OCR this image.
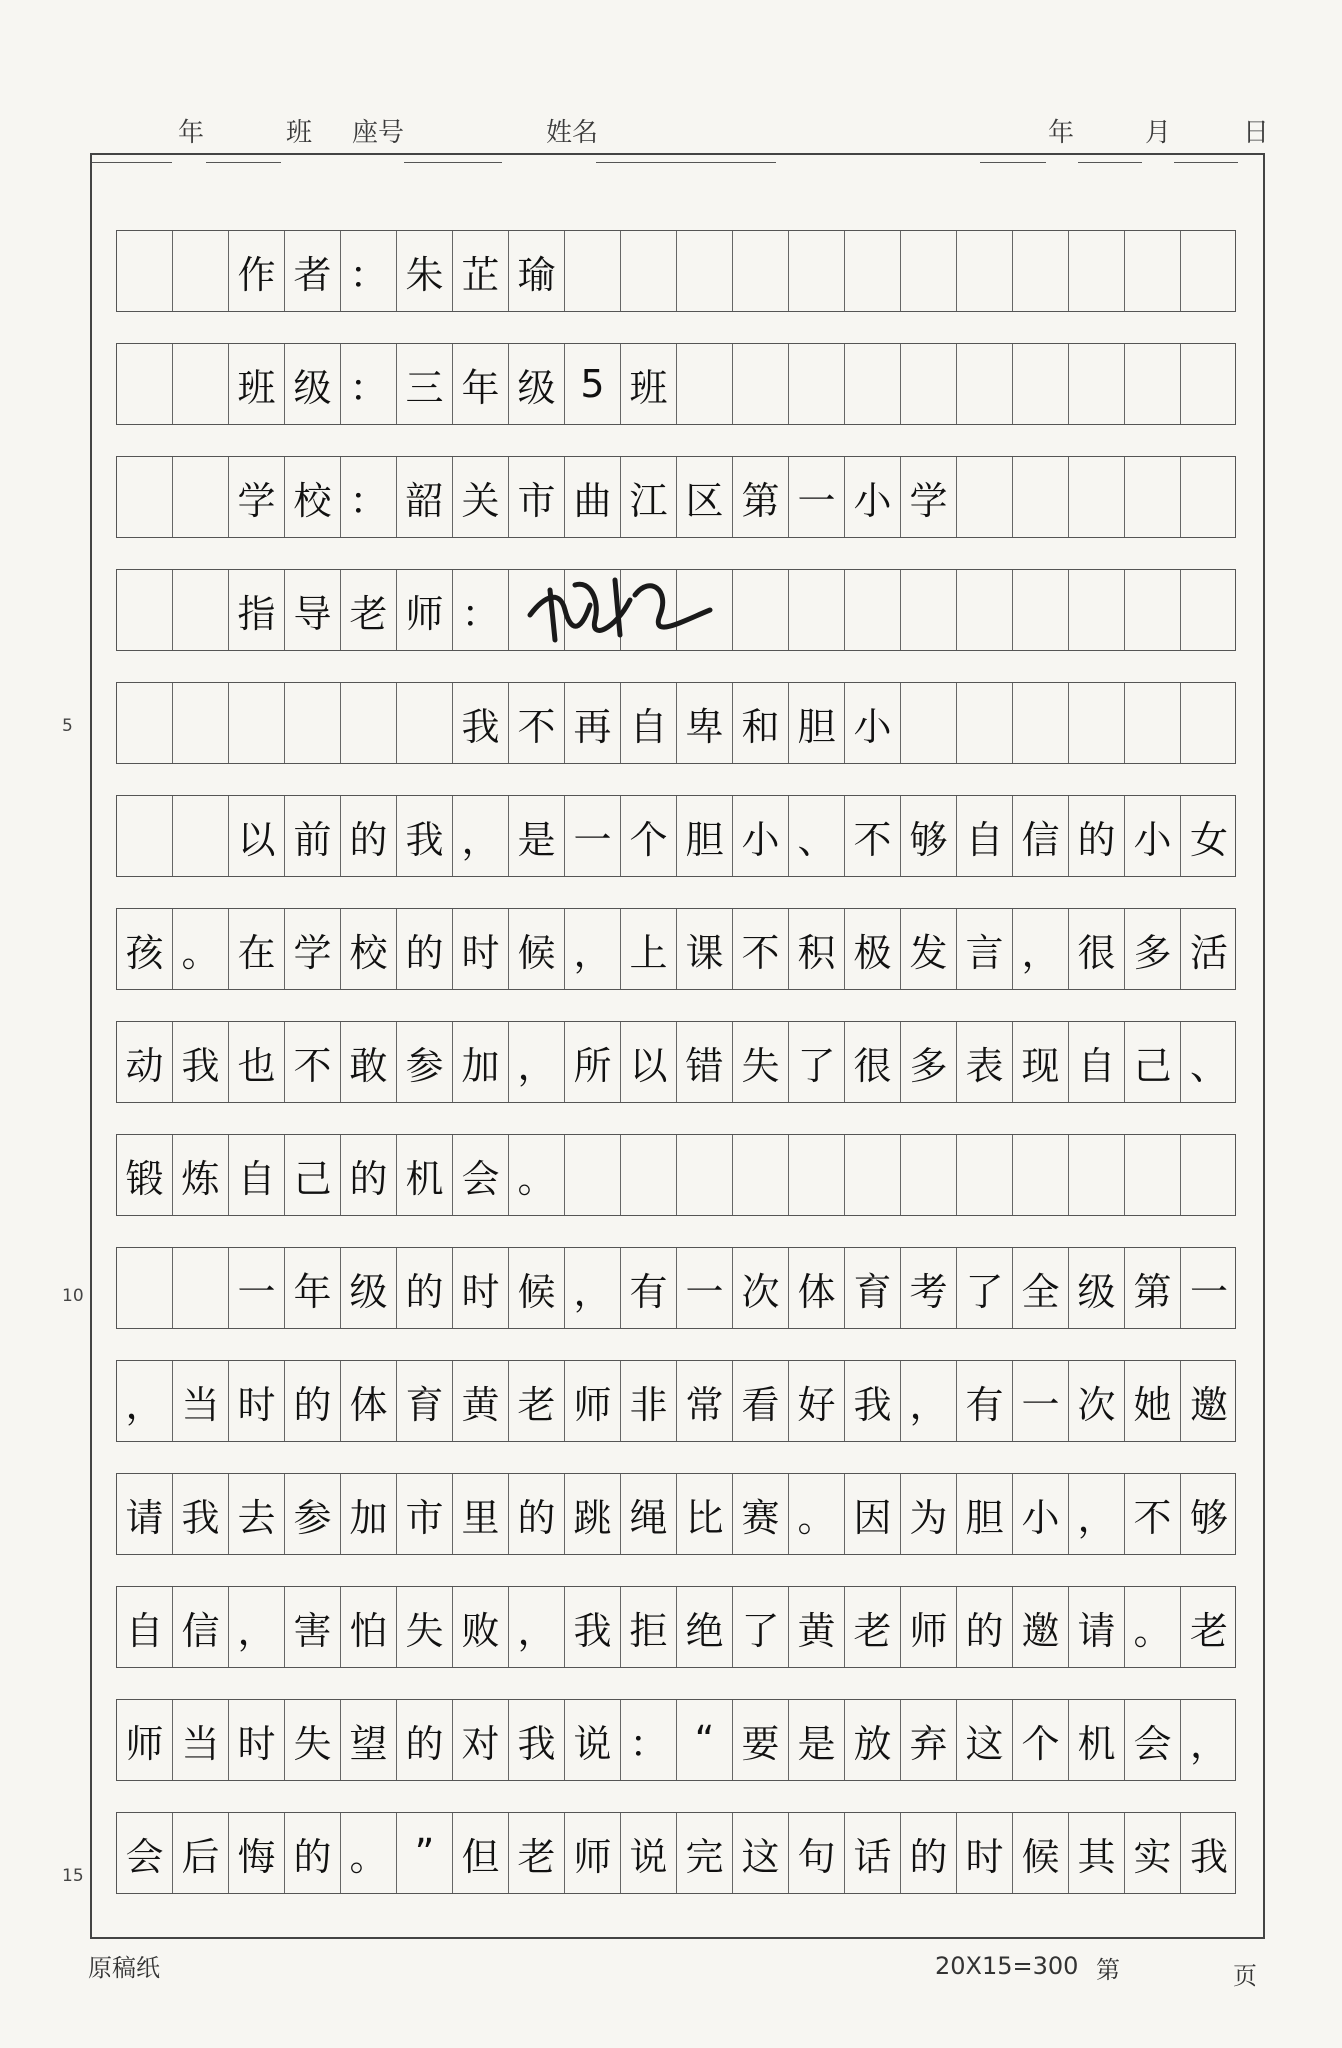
年	班 座号	姓名	年	月	日
5
10
15
作 者 ： 朱 芷 瑜
班 级 ： 三 年 级 5 班
学 校 ： 韶 关 市 曲 江 区 第 一 小 学
指 导 老 师 ：
我 不 再 自 卑 和 胆 小
以 前 的 我 ， 是 一 个 胆 小 、 不 够 自 信 的 小 女
孩 。 在 学 校 的 时 候 ， 上 课 不 积 极 发 言 ， 很 多 活
动 我 也 不 敢 参 加 ， 所 以 错 失 了 很 多 表 现 自 己 、
锻 炼 自 己 的 机 会 。
一 年 级 的 时 候 ， 有 一 次 体 育 考 了 全 级 第 一
， 当 时 的 体 育 黄 老 师 非 常 看 好 我 ， 有 一 次 她 邀
请 我 去 参 加 市 里 的 跳 绳 比 赛 。 因 为 胆 小 ， 不 够
自 信 ， 害 怕 失 败 ， 我 拒 绝 了 黄 老 师 的 邀 请 。 老
师 当 时 失 望 的 对 我 说 ： “ 要 是 放 弃 这 个 机 会 ，
会 后 悔 的 。 ” 但 老 师 说 完 这 句 话 的 时 候 其 实 我
原稿纸	20X15=300 第	页
